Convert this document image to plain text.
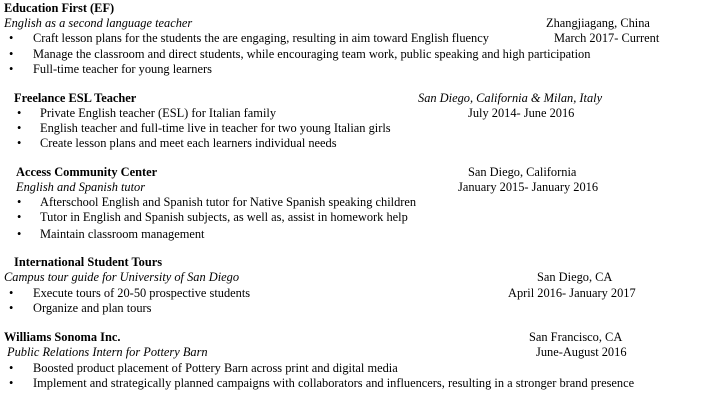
Education First (EF)
English as a second language teacher	Zhangjiagang, China
March 2017- Current
• Craft lesson plans for the students the are engaging, resulting in aim toward English fluency
• Manage the classroom and direct students, while encouraging team work, public speaking and high participation
• Full-time teacher for young learners
Freelance ESL Teacher	San Diego, California & Milan, Italy
July 2014- June 2016
• Private English teacher (ESL) for Italian family
• English teacher and full-time live in teacher for two young Italian girls
• Create lesson plans and meet each learners individual needs
Access Community Center	San Diego, California
English and Spanish tutor	January 2015- January 2016
• Afterschool English and Spanish tutor for Native Spanish speaking children
• Tutor in English and Spanish subjects, as well as, assist in homework help
• Maintain classroom management
International Student Tours
Campus tour guide for University of San Diego	San Diego, CA
April 2016- January 2017
• Execute tours of 20-50 prospective students
• Organize and plan tours
Williams Sonoma Inc.	San Francisco, CA
Public Relations Intern for Pottery Barn	June-August 2016
• Boosted product placement of Pottery Barn across print and digital media
• Implement and strategically planned campaigns with collaborators and influencers, resulting in a stronger brand presence
